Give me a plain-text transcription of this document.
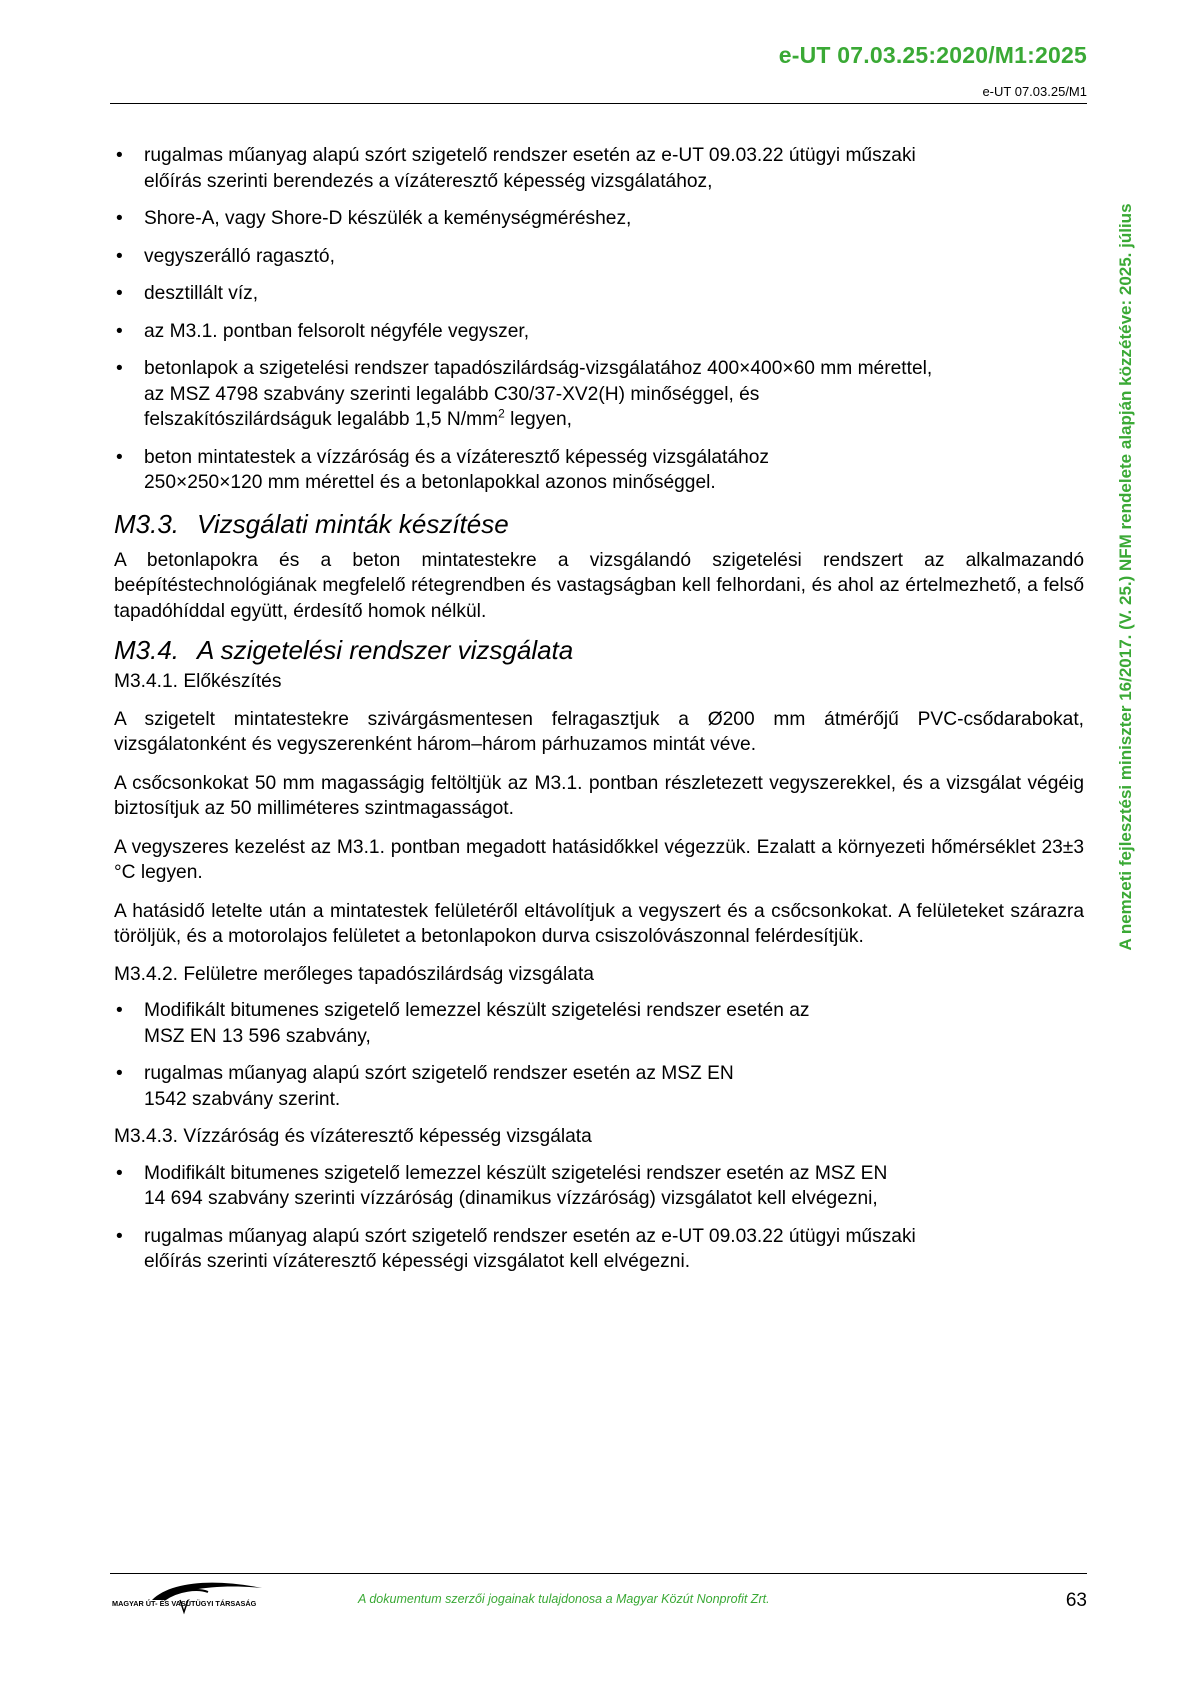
e-UT 07.03.25:2020/M1:2025
e-UT 07.03.25/M1
A nemzeti fejlesztési miniszter 16/2017. (V. 25.) NFM rendelete alapján közzétéve: 2025. július
• rugalmas műanyag alapú szórt szigetelő rendszer esetén az e-UT 09.03.22 útügyi műszaki előírás szerinti berendezés a vízáteresztő képesség vizsgálatához,
• Shore-A, vagy Shore-D készülék a keménységméréshez,
• vegyszerálló ragasztó,
• desztillált víz,
• az M3.1. pontban felsorolt négyféle vegyszer,
• betonlapok a szigetelési rendszer tapadószilárdság-vizsgálatához 400×400×60 mm mérettel, az MSZ 4798 szabvány szerinti legalább C30/37-XV2(H) minőséggel, és felszakítószilárdságuk legalább 1,5 $N/mm^2$ legyen,
• beton mintatestek a vízzáróság és a vízáteresztő képesség vizsgálatához 250×250×120 mm mérettel és a betonlapokkal azonos minőséggel.
M3.3. Vizsgálati minták készítése

A betonlapokra és a beton mintatestekre a vizsgálandó szigetelési rendszert az alkalmazandó beépítéstechnológiának megfelelő rétegrendben és vastagságban kell felhordani, és ahol az értelmezhető, a felső tapadóhíddal együtt, érdesítő homok nélkül.

M3.4. A szigetelési rendszer vizsgálata
M3.4.1. Előkészítés

A szigetelt mintatestekre szivárgásmentesen felragasztjuk a Ø200 mm átmérőjű PVC-csődarabokat, vizsgálatonként és vegyszerenként három–három párhuzamos mintát véve.

A csőcsonkokat 50 mm magasságig feltöltjük az M3.1. pontban részletezett vegyszerekkel, és a vizsgálat végéig biztosítjuk az 50 milliméteres szintmagasságot.

A vegyszeres kezelést az M3.1. pontban megadott hatásidőkkel végezzük. Ezalatt a környezeti hőmérséklet 23±3 °C legyen.

A hatásidő letelte után a mintatestek felületéről eltávolítjuk a vegyszert és a csőcsonkokat. A felületeket szárazra töröljük, és a motorolajos felületet a betonlapokon durva csiszolóvászonnal felérdesítjük.

M3.4.2. Felületre merőleges tapadószilárdság vizsgálata
• Modifikált bitumenes szigetelő lemezzel készült szigetelési rendszer esetén az MSZ EN 13 596 szabvány,
• rugalmas műanyag alapú szórt szigetelő rendszer esetén az MSZ EN 1542 szabvány szerint.
M3.4.3. Vízzáróság és vízáteresztő képesség vizsgálata
• Modifikált bitumenes szigetelő lemezzel készült szigetelési rendszer esetén az MSZ EN 14 694 szabvány szerinti vízzáróság (dinamikus vízzáróság) vizsgálatot kell elvégezni,
• rugalmas műanyag alapú szórt szigetelő rendszer esetén az e-UT 09.03.22 útügyi műszaki előírás szerinti vízáteresztő képességi vizsgálatot kell elvégezni.
MAGYAR ÚT- ÉS VASÚTÜGYI TÁRSASÁG	A dokumentum szerzői jogainak tulajdonosa a Magyar Közút Nonprofit Zrt.	63
